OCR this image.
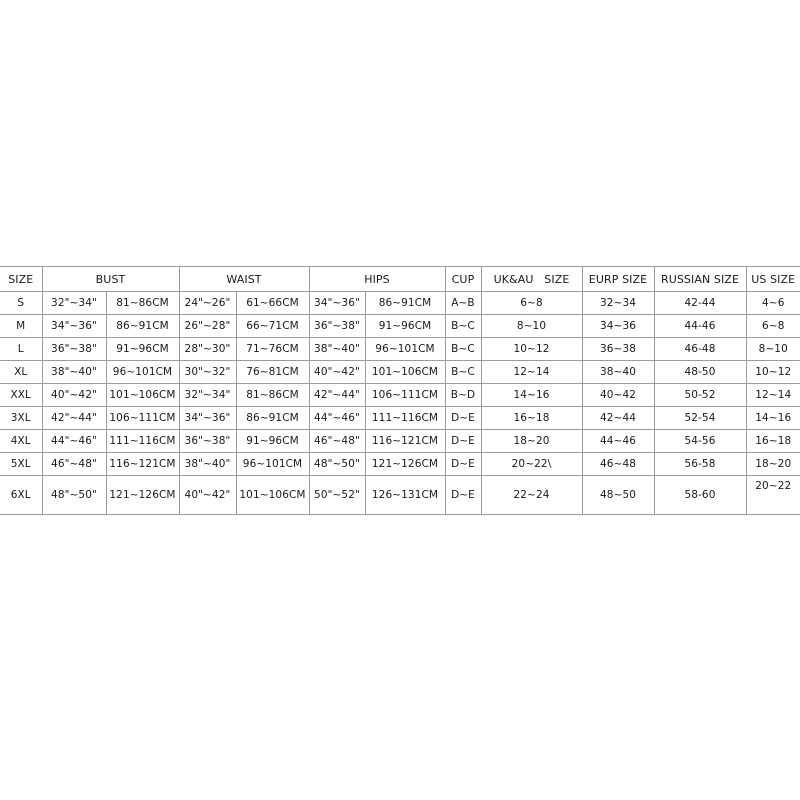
SIZE	BUST		WAIST		HIPS		CUP	UK&AU   SIZE	EURP SIZE	RUSSIAN SIZE	US SIZE
S	32"~34"	81~86CM	24"~26"	61~66CM	34"~36"	86~91CM	A~B	6~8	32~34	42-44	4~6
M	34"~36"	86~91CM	26"~28"	66~71CM	36"~38"	91~96CM	B~C	8~10	34~36	44-46	6~8
L	36"~38"	91~96CM	28"~30"	71~76CM	38"~40"	96~101CM	B~C	10~12	36~38	46-48	8~10
XL	38"~40"	96~101CM	30"~32"	76~81CM	40"~42"	101~106CM	B~C	12~14	38~40	48-50	10~12
XXL	40"~42"	101~106CM	32"~34"	81~86CM	42"~44"	106~111CM	B~D	14~16	40~42	50-52	12~14
3XL	42"~44"	106~111CM	34"~36"	86~91CM	44"~46"	111~116CM	D~E	16~18	42~44	52-54	14~16
4XL	44"~46"	111~116CM	36"~38"	91~96CM	46"~48"	116~121CM	D~E	18~20	44~46	54-56	16~18
5XL	46"~48"	116~121CM	38"~40"	96~101CM	48"~50"	121~126CM	D~E	20~22\	46~48	56-58	18~20
6XL	48"~50"	121~126CM	40"~42"	101~106CM	50"~52"	126~131CM	D~E	22~24	48~50	58-60	20~22
